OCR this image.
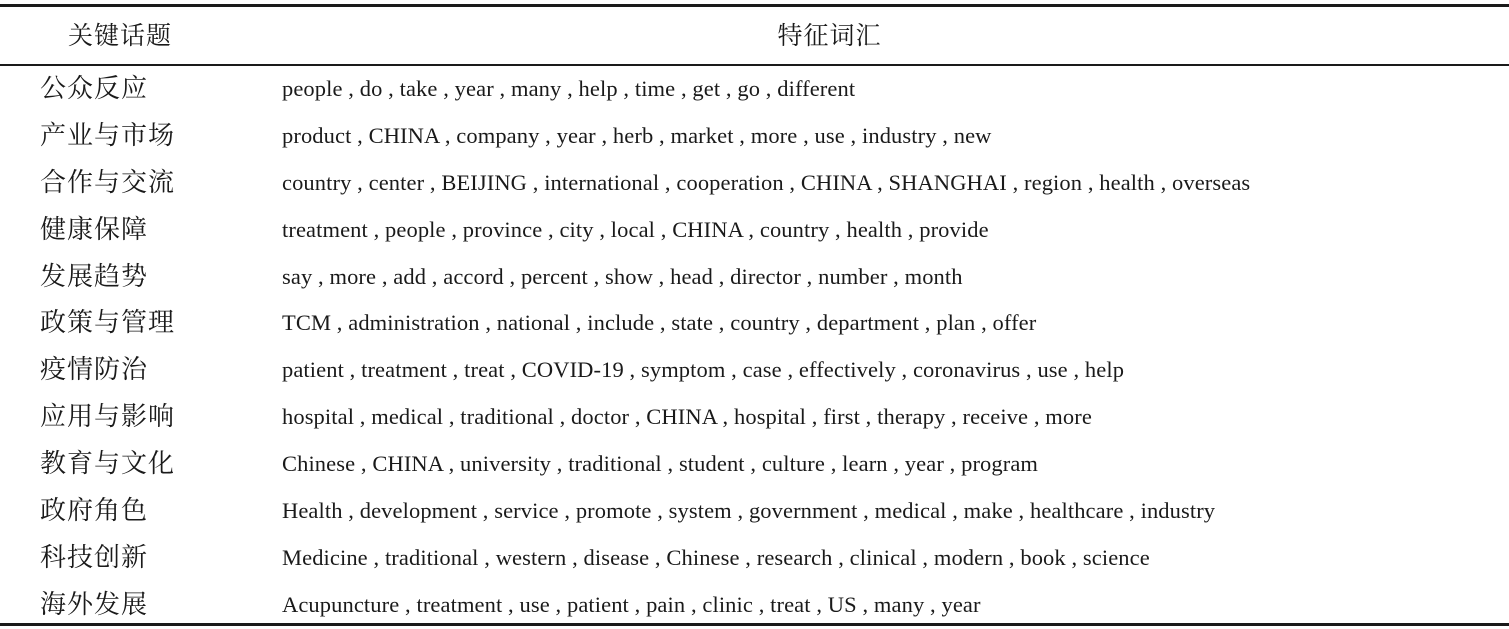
关键话题	特征词汇
公众反应	people , do , take , year , many , help , time , get , go , different
产业与市场	product , CHINA , company , year , herb , market , more , use , industry , new
合作与交流	country , center , BEIJING , international , cooperation , CHINA , SHANGHAI , region , health , overseas
健康保障	treatment , people , province , city , local , CHINA , country , health , provide
发展趋势	say , more , add , accord , percent , show , head , director , number , month
政策与管理	TCM , administration , national , include , state , country , department , plan , offer
疫情防治	patient , treatment , treat , COVID-19 , symptom , case , effectively , coronavirus , use , help
应用与影响	hospital , medical , traditional , doctor , CHINA , hospital , first , therapy , receive , more
教育与文化	Chinese , CHINA , university , traditional , student , culture , learn , year , program
政府角色	Health , development , service , promote , system , government , medical , make , healthcare , industry
科技创新	Medicine , traditional , western , disease , Chinese , research , clinical , modern , book , science
海外发展	Acupuncture , treatment , use , patient , pain , clinic , treat , US , many , year
